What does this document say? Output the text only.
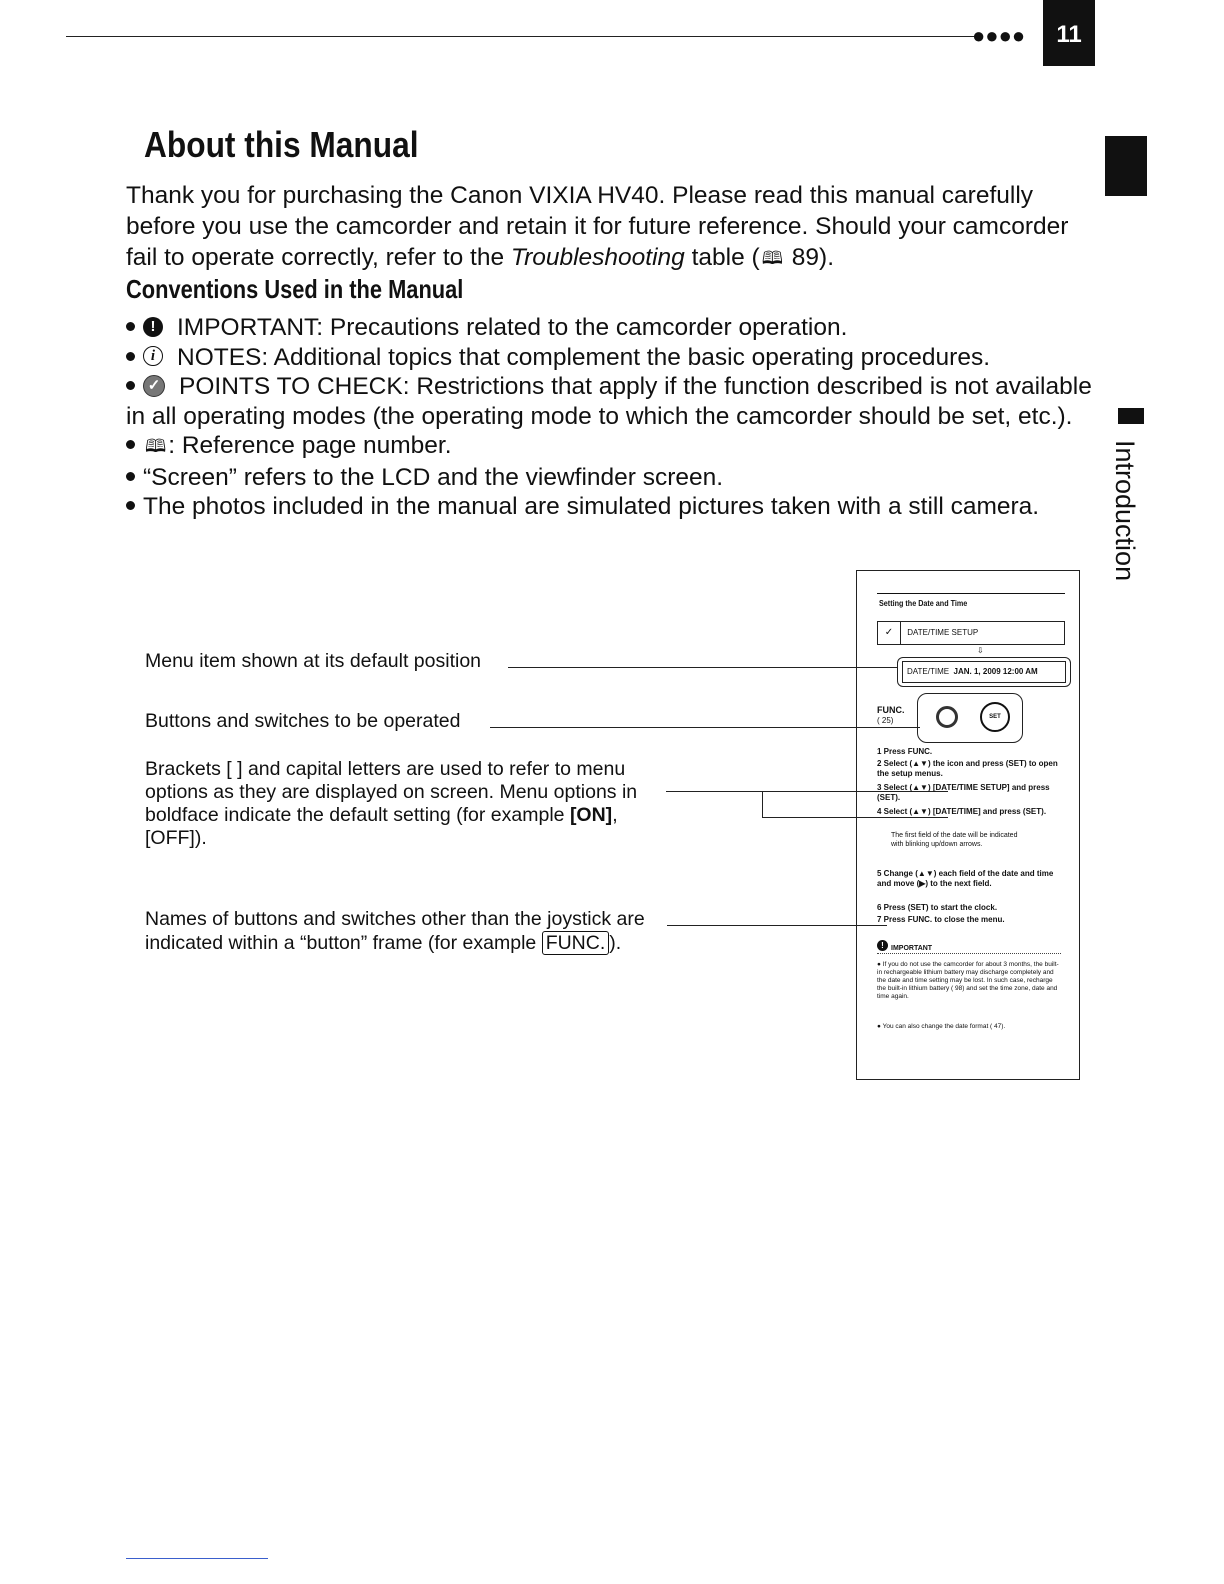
●●●●	11
Introduction
About this Manual
Thank you for purchasing the Canon VIXIA HV40. Please read this manual carefully before you use the camcorder and retain it for future reference. Should your camcorder fail to operate correctly, refer to the Troubleshooting table ( 🕮 89).
Conventions Used in the Manual
! IMPORTANT: Precautions related to the camcorder operation.
i NOTES: Additional topics that complement the basic operating procedures.
✓ POINTS TO CHECK: Restrictions that apply if the function described is not available in all operating modes (the operating mode to which the camcorder should be set, etc.).
🕮: Reference page number.
“Screen” refers to the LCD and the viewfinder screen.
The photos included in the manual are simulated pictures taken with a still camera.
Menu item shown at its default position
Buttons and switches to be operated
Brackets [ ] and capital letters are used to refer to menu options as they are displayed on screen. Menu options in boldface indicate the default setting (for example [ON], [OFF]).
Names of buttons and switches other than the joystick are indicated within a “button” frame (for example FUNC. ).
Setting the Date and Time
✓ DATE/TIME SETUP
⇩
DATE/TIME JAN. 1, 2009 12:00 AM
FUNC.
( 25)	SET
1 Press FUNC.
2 Select (▲▼) the icon and press (SET) to open the setup menus.
3 Select (▲▼) [DATE/TIME SETUP] and press (SET).
4 Select (▲▼) [DATE/TIME] and press (SET).
The first field of the date will be indicated with blinking up/down arrows.
5 Change (▲▼) each field of the date and time and move (▶) to the next field.
6 Press (SET) to start the clock.
7 Press FUNC. to close the menu.
! IMPORTANT
● If you do not use the camcorder for about 3 months, the built-in rechargeable lithium battery may discharge completely and the date and time setting may be lost. In such case, recharge the built-in lithium battery ( 98) and set the time zone, date and time again.
● You can also change the date format ( 47).
